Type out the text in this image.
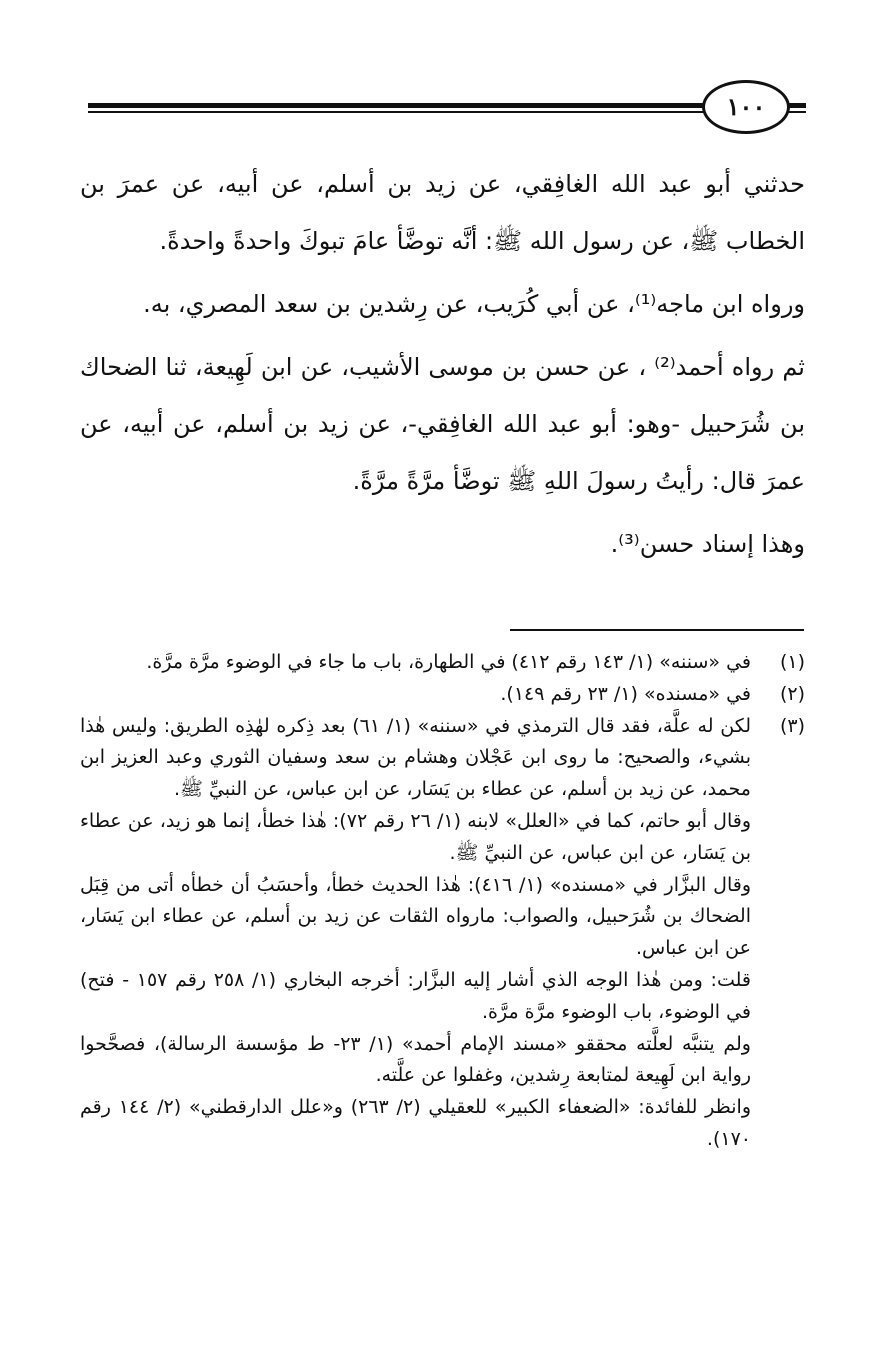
١٠٠

حدثني أبو عبد الله الغافِقي، عن زيد بن أسلم، عن أبيه، عن عمرَ بن الخطاب ﷺ، عن رسول الله ﷺ: أنَّه توضَّأ عامَ تبوكَ واحدةً واحدةً.

ورواه ابن ماجه⁽¹⁾، عن أبي كُرَيب، عن رِشدين بن سعد المصري، به.

ثم رواه أحمد⁽²⁾ ، عن حسن بن موسى الأشيب، عن ابن لَهِيعة، ثنا الضحاك بن شُرَحبيل -وهو: أبو عبد الله الغافِقي-، عن زيد بن أسلم، عن أبيه، عن عمرَ قال: رأيتُ رسولَ اللهِ ﷺ توضَّأ مرَّةً مرَّةً.

وهذا إسناد حسن⁽³⁾.

(١)

في «سننه» (١/ ١٤٣ رقم ٤١٢) في الطهارة، باب ما جاء في الوضوء مرَّة مرَّة.

(٢)

في «مسنده» (١/ ٢٣ رقم ١٤٩).

(٣)

لكن له علَّة، فقد قال الترمذي في «سننه» (١/ ٦١) بعد ذِكره لهٰذِه الطريق: وليس هٰذا بشيء، والصحيح: ما روى ابن عَجْلان وهشام بن سعد وسفيان الثوري وعبد العزيز ابن محمد، عن زيد بن أسلم، عن عطاء بن يَسَار، عن ابن عباس، عن النبيِّ ﷺ.

وقال أبو حاتم، كما في «العلل» لابنه (١/ ٢٦ رقم ٧٢): هٰذا خطأ، إنما هو زيد، عن عطاء بن يَسَار، عن ابن عباس، عن النبيِّ ﷺ.

وقال البزَّار في «مسنده» (١/ ٤١٦): هٰذا الحديث خطأ، وأحسَبُ أن خطأه أتى من قِبَل الضحاك بن شُرَحبيل، والصواب: مارواه الثقات عن زيد بن أسلم، عن عطاء ابن يَسَار، عن ابن عباس.

قلت: ومن هٰذا الوجه الذي أشار إليه البزَّار: أخرجه البخاري (١/ ٢٥٨ رقم ١٥٧ - فتح) في الوضوء، باب الوضوء مرَّة مرَّة.

ولم يتنبَّه لعلَّته محققو «مسند الإمام أحمد» (١/ ٢٣- ط مؤسسة الرسالة)، فصحَّحوا رواية ابن لَهِيعة لمتابعة رِشدين، وغفلوا عن علَّته.

وانظر للفائدة: «الضعفاء الكبير» للعقيلي (٢/ ٢٦٣) و«علل الدارقطني» (٢/ ١٤٤ رقم ١٧٠).
